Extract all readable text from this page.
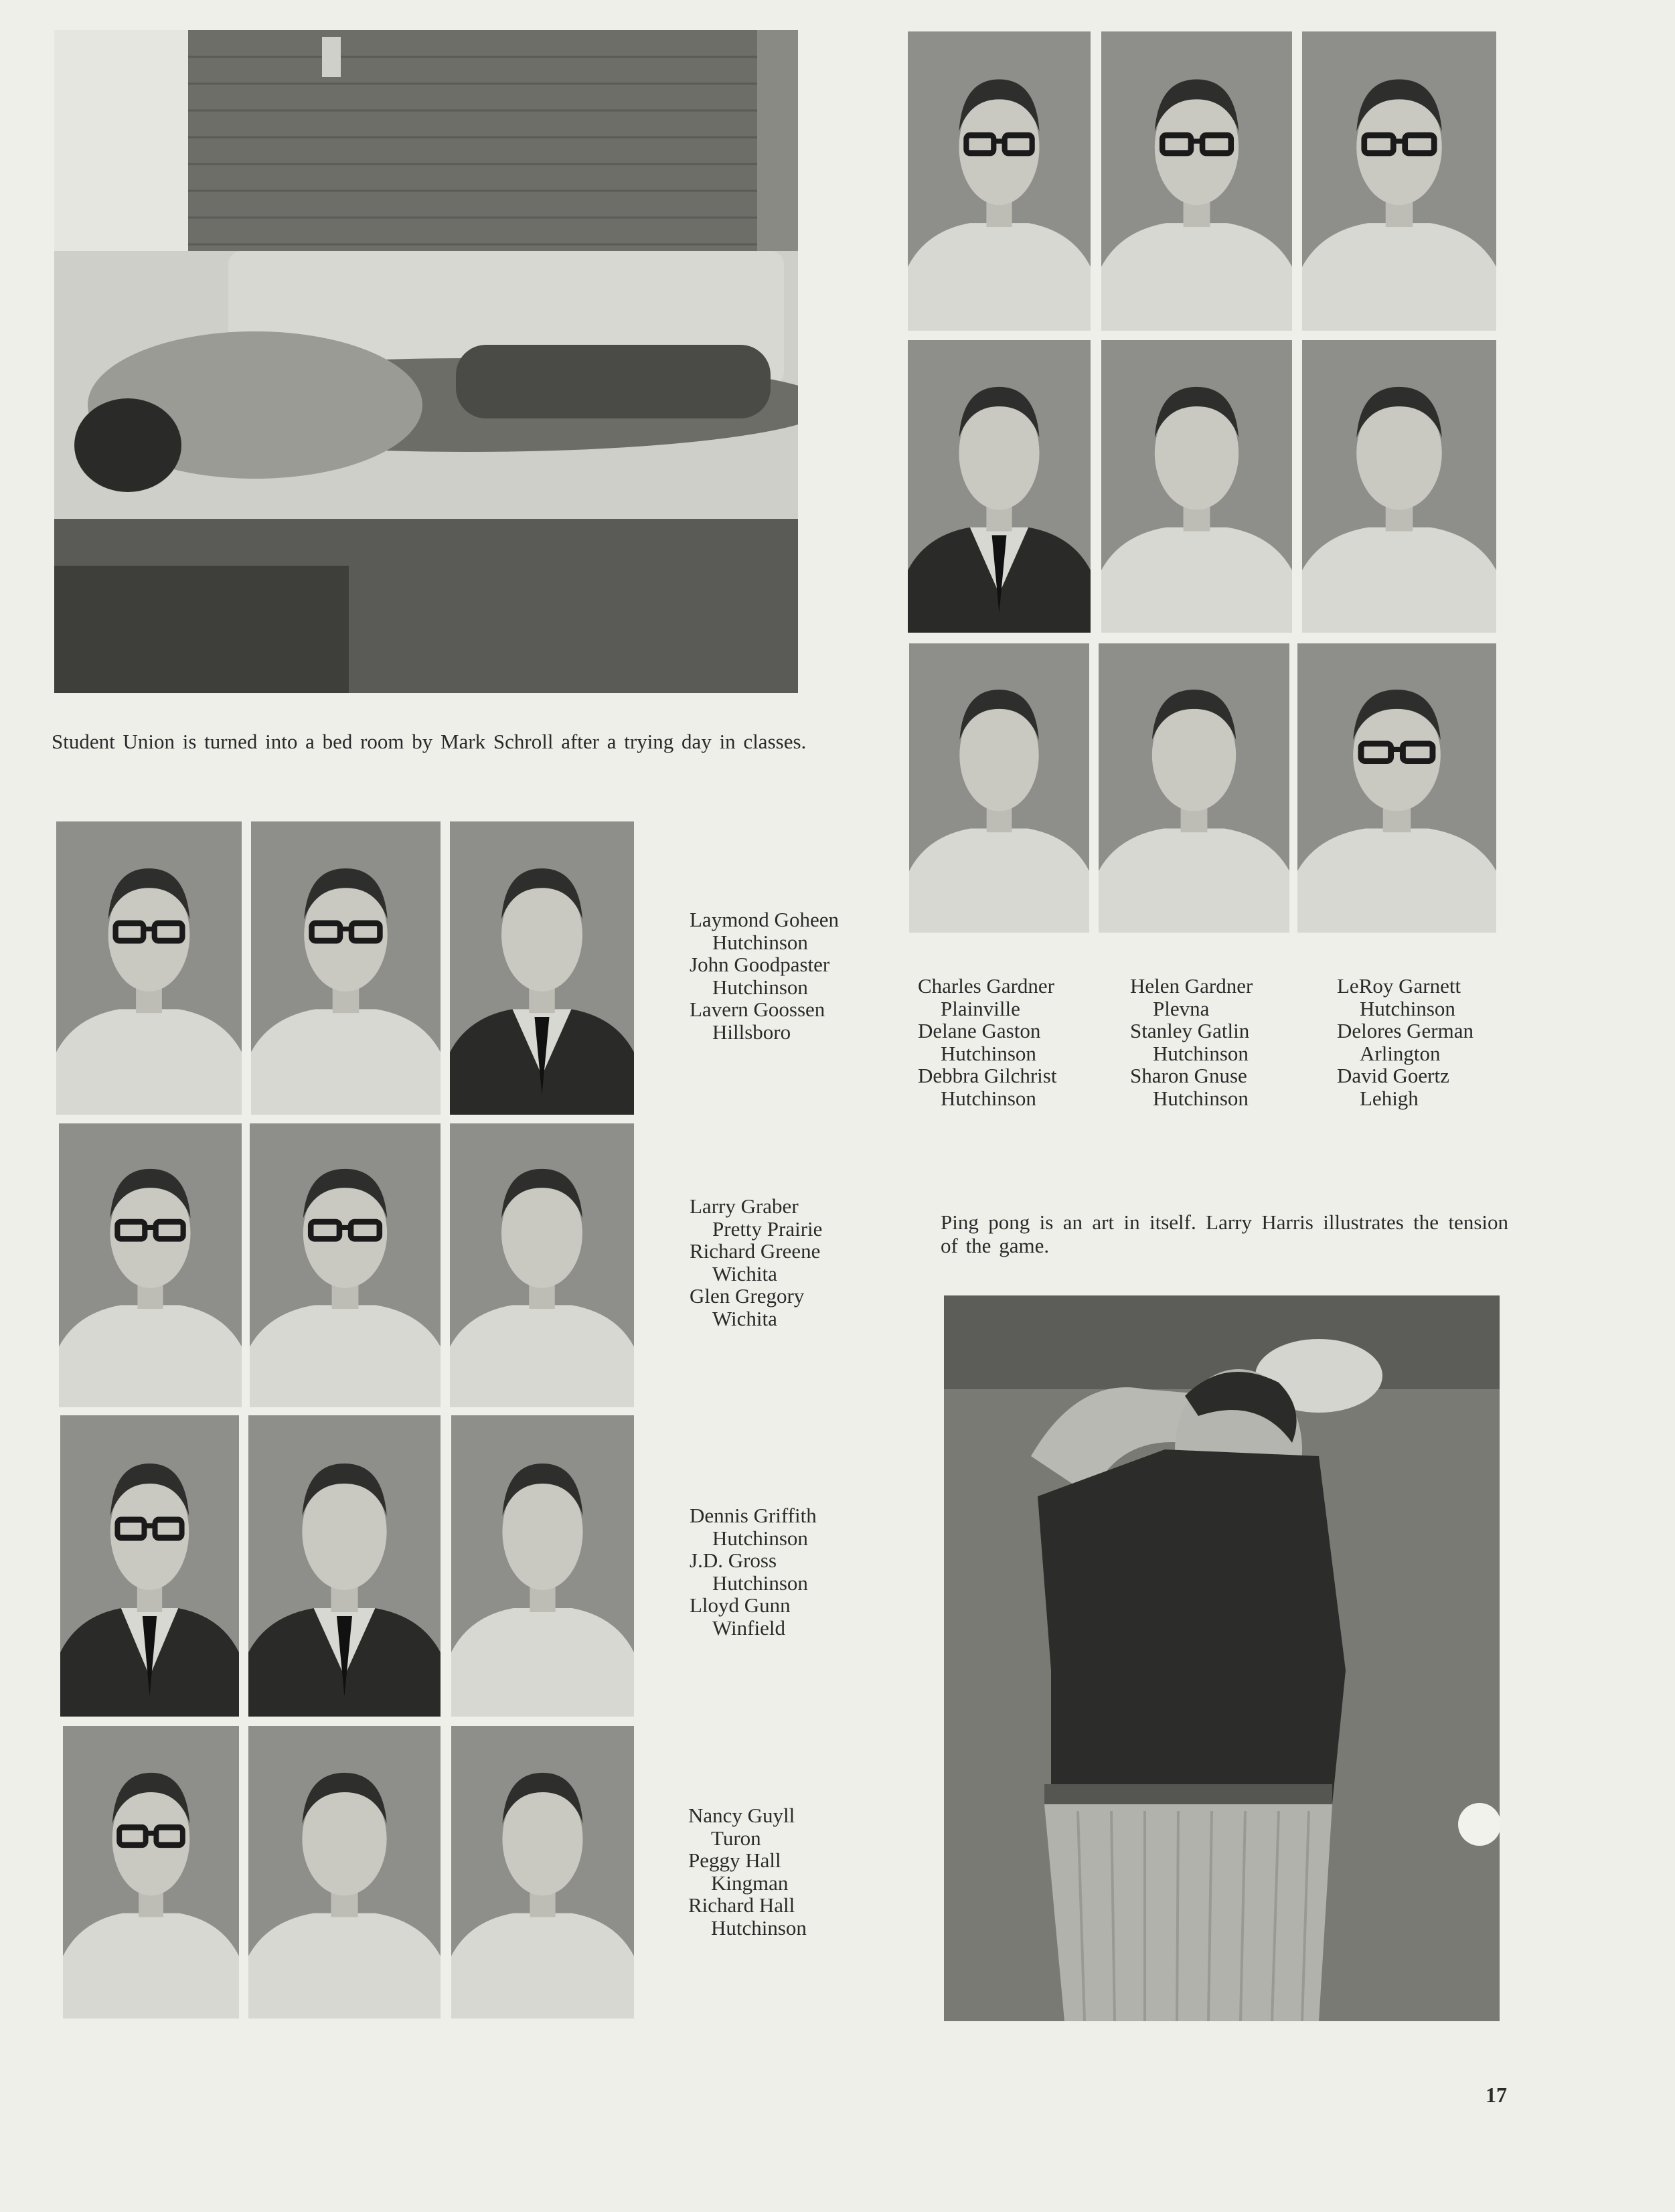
Student Union is turned into a bed room by Mark Schroll after a trying day in classes.
Charles Gardner
Plainville
Delane Gaston
Hutchinson
Debbra Gilchrist
Hutchinson
Helen Gardner
Plevna
Stanley Gatlin
Hutchinson
Sharon Gnuse
Hutchinson
LeRoy Garnett
Hutchinson
Delores German
Arlington
David Goertz
Lehigh
Laymond Goheen
Hutchinson
John Goodpaster
Hutchinson
Lavern Goossen
Hillsboro
Larry Graber
Pretty Prairie
Richard Greene
Wichita
Glen Gregory
Wichita
Dennis Griffith
Hutchinson
J.D. Gross
Hutchinson
Lloyd Gunn
Winfield
Nancy Guyll
Turon
Peggy Hall
Kingman
Richard Hall
Hutchinson
Ping pong is an art in itself. Larry Harris illustrates the tension of the game.
17
